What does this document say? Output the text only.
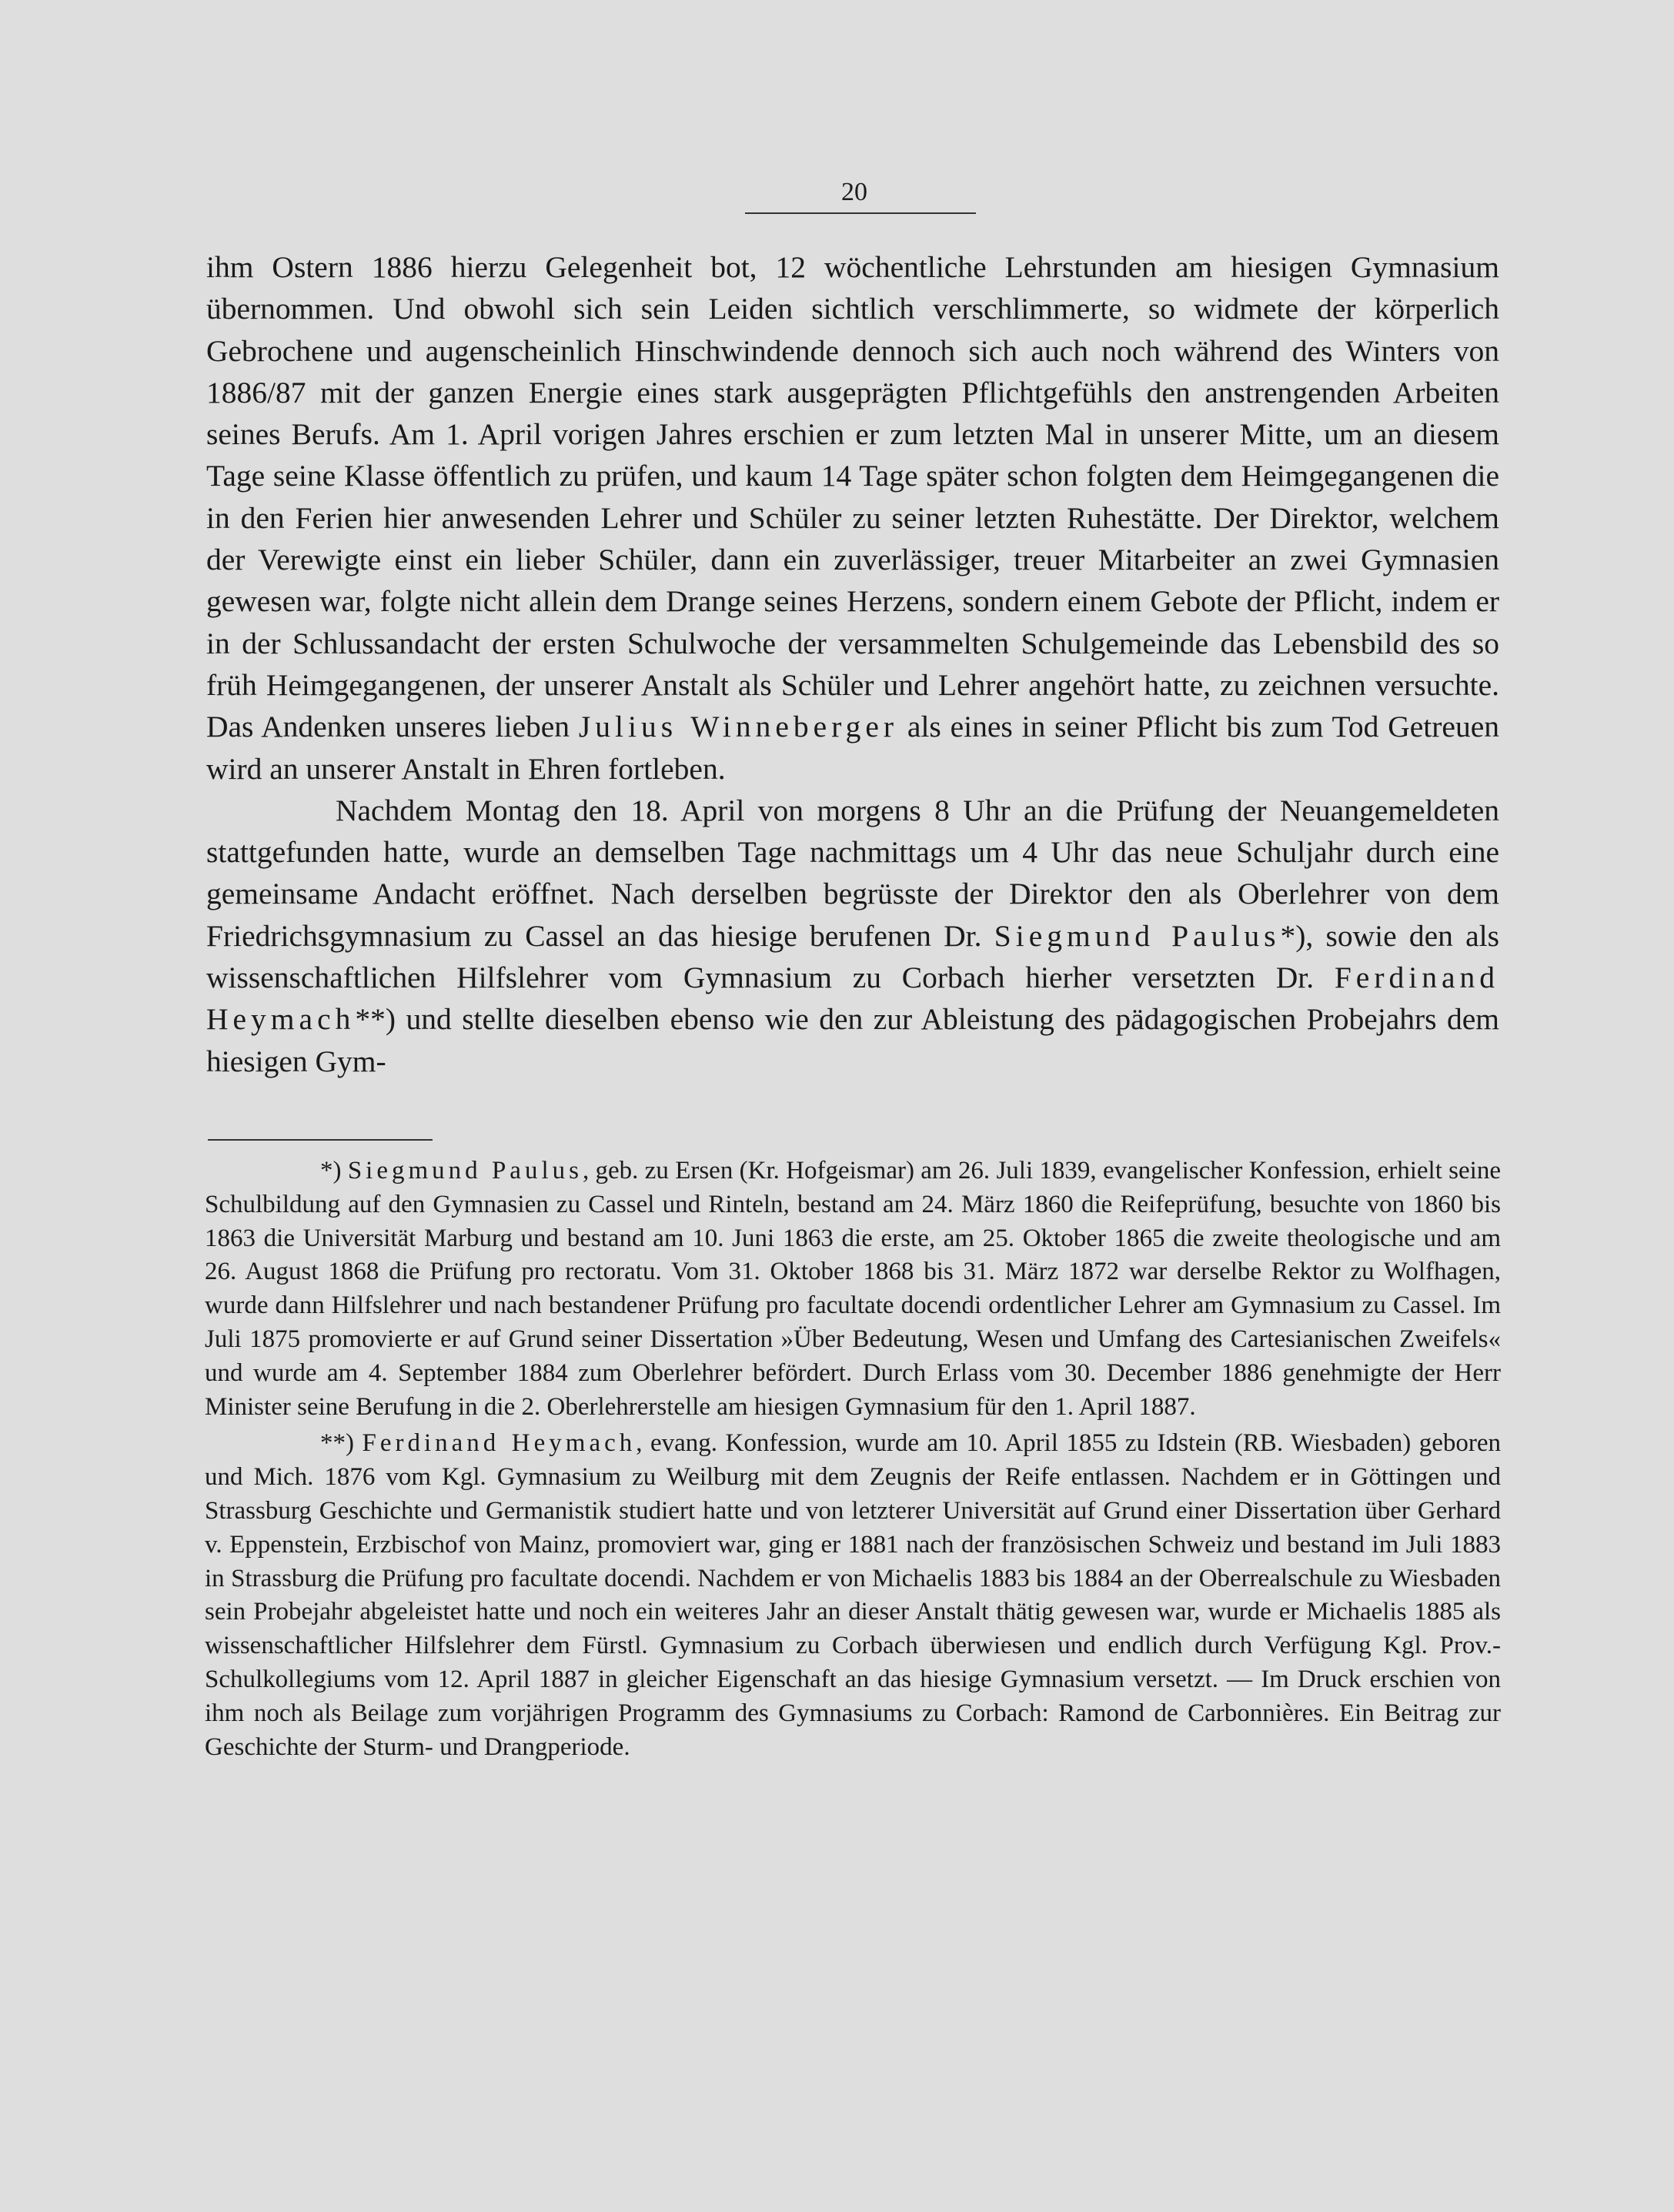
20

ihm Ostern 1886 hierzu Gelegenheit bot, 12 wöchentliche Lehrstunden am hiesigen Gymnasium übernommen. Und obwohl sich sein Leiden sichtlich verschlimmerte, so widmete der körperlich Gebrochene und augenscheinlich Hinschwindende dennoch sich auch noch während des Winters von 1886/87 mit der ganzen Energie eines stark ausgeprägten Pflichtgefühls den anstrengenden Arbeiten seines Berufs. Am 1. April vorigen Jahres erschien er zum letzten Mal in unserer Mitte, um an diesem Tage seine Klasse öffentlich zu prüfen, und kaum 14 Tage später schon folgten dem Heimgegangenen die in den Ferien hier anwesenden Lehrer und Schüler zu seiner letzten Ruhestätte. Der Direktor, welchem der Verewigte einst ein lieber Schüler, dann ein zuverlässiger, treuer Mitarbeiter an zwei Gymnasien gewesen war, folgte nicht allein dem Drange seines Herzens, sondern einem Gebote der Pflicht, indem er in der Schlussandacht der ersten Schulwoche der versammelten Schulgemeinde das Lebensbild des so früh Heimgegangenen, der unserer Anstalt als Schüler und Lehrer angehört hatte, zu zeichnen versuchte. Das Andenken unseres lieben Julius Winneberger als eines in seiner Pflicht bis zum Tod Getreuen wird an unserer Anstalt in Ehren fortleben.

Nachdem Montag den 18. April von morgens 8 Uhr an die Prüfung der Neuangemeldeten stattgefunden hatte, wurde an demselben Tage nachmittags um 4 Uhr das neue Schuljahr durch eine gemeinsame Andacht eröffnet. Nach derselben begrüsste der Direktor den als Oberlehrer von dem Friedrichsgymnasium zu Cassel an das hiesige berufenen Dr. Siegmund Paulus*), sowie den als wissenschaftlichen Hilfslehrer vom Gymnasium zu Corbach hierher versetzten Dr. Ferdinand Heymach**) und stellte dieselben ebenso wie den zur Ableistung des pädagogischen Probejahrs dem hiesigen Gym-

*) Siegmund Paulus, geb. zu Ersen (Kr. Hofgeismar) am 26. Juli 1839, evangelischer Konfession, erhielt seine Schulbildung auf den Gymnasien zu Cassel und Rinteln, bestand am 24. März 1860 die Reifeprüfung, besuchte von 1860 bis 1863 die Universität Marburg und bestand am 10. Juni 1863 die erste, am 25. Oktober 1865 die zweite theologische und am 26. August 1868 die Prüfung pro rectoratu. Vom 31. Oktober 1868 bis 31. März 1872 war derselbe Rektor zu Wolfhagen, wurde dann Hilfslehrer und nach bestandener Prüfung pro facultate docendi ordentlicher Lehrer am Gymnasium zu Cassel. Im Juli 1875 promovierte er auf Grund seiner Dissertation »Über Bedeutung, Wesen und Umfang des Cartesianischen Zweifels« und wurde am 4. September 1884 zum Oberlehrer befördert. Durch Erlass vom 30. December 1886 genehmigte der Herr Minister seine Berufung in die 2. Oberlehrerstelle am hiesigen Gymnasium für den 1. April 1887.

**) Ferdinand Heymach, evang. Konfession, wurde am 10. April 1855 zu Idstein (RB. Wiesbaden) geboren und Mich. 1876 vom Kgl. Gymnasium zu Weilburg mit dem Zeugnis der Reife entlassen. Nachdem er in Göttingen und Strassburg Geschichte und Germanistik studiert hatte und von letzterer Universität auf Grund einer Dissertation über Gerhard v. Eppenstein, Erzbischof von Mainz, promoviert war, ging er 1881 nach der französischen Schweiz und bestand im Juli 1883 in Strassburg die Prüfung pro facultate docendi. Nachdem er von Michaelis 1883 bis 1884 an der Oberrealschule zu Wiesbaden sein Probejahr abgeleistet hatte und noch ein weiteres Jahr an dieser Anstalt thätig gewesen war, wurde er Michaelis 1885 als wissenschaftlicher Hilfslehrer dem Fürstl. Gymnasium zu Corbach überwiesen und endlich durch Verfügung Kgl. Prov.-Schulkollegiums vom 12. April 1887 in gleicher Eigenschaft an das hiesige Gymnasium versetzt. — Im Druck erschien von ihm noch als Beilage zum vorjährigen Programm des Gymnasiums zu Corbach: Ramond de Carbonnières. Ein Beitrag zur Geschichte der Sturm- und Drangperiode.
